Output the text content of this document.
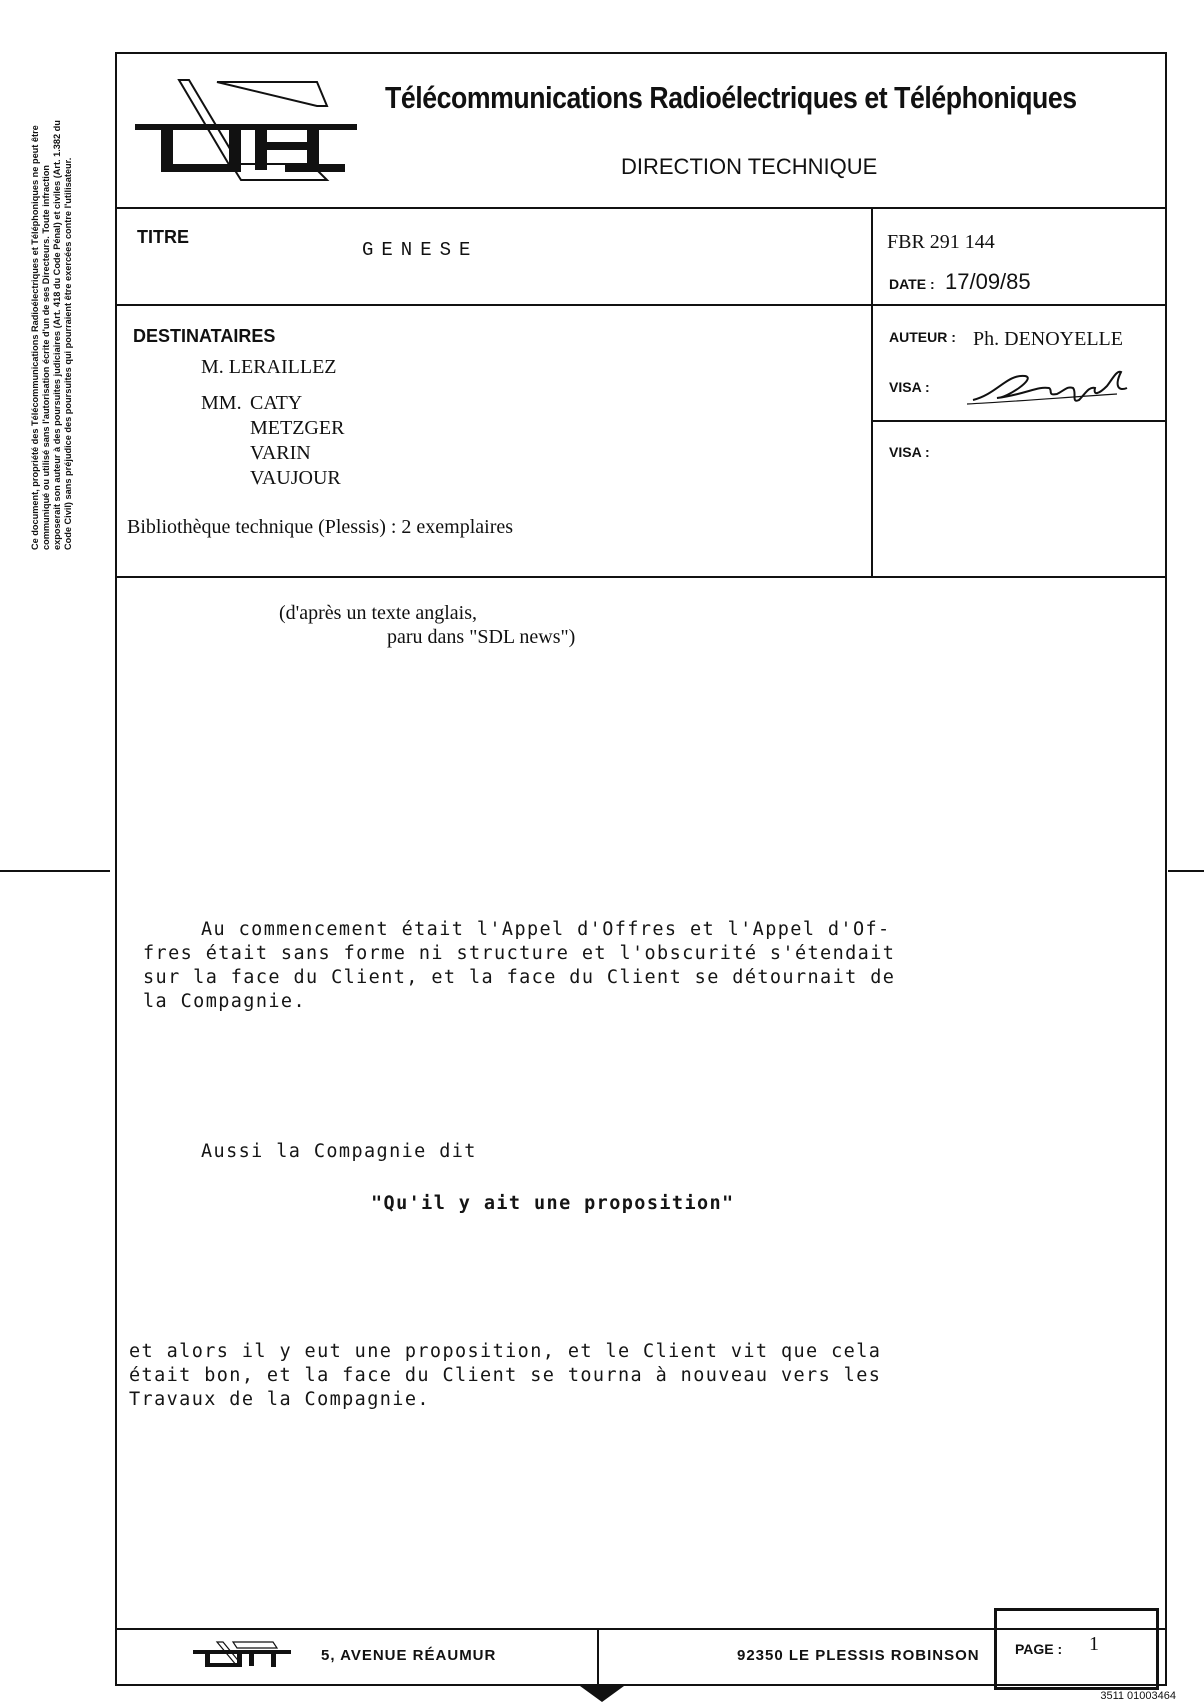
Ce document, propriété des Télécommunications Radioélectriques et Téléphoniques ne peut être communiqué ou utilisé sans l'autorisation écrite d'un de ses Directeurs. Toute infraction exposerait son auteur à des poursuites judiciaires (Art. 418 du Code Pénal) et civiles (Art. 1.382 du Code Civil) sans préjudice des poursuites qui pourraient être exercées contre l'utilisateur.
Télécommunications Radioélectriques et Téléphoniques
DIRECTION TECHNIQUE
TITRE
GENESE	FBR 291 144
DATE : 17/09/85
DESTINATAIRES
M. LERAILLEZ
MM. CATY
METZGER
VARIN
VAUJOUR
Bibliothèque technique (Plessis) : 2 exemplaires
AUTEUR : Ph. DENOYELLE
VISA :
VISA :
(d'après un texte anglais,
paru dans "SDL news")
Au commencement était l'Appel d'Offres et l'Appel d'Of-
fres était sans forme ni structure et l'obscurité s'étendait
sur la face du Client, et la face du Client se détournait de
la Compagnie.
Aussi la Compagnie dit
"Qu'il y ait une proposition"
et alors il y eut une proposition, et le Client vit que cela
était bon, et la face du Client se tourna à nouveau vers les
Travaux de la Compagnie.
PAGE : 1
5, AVENUE RÉAUMUR	92350 LE PLESSIS ROBINSON
3511 01003464
